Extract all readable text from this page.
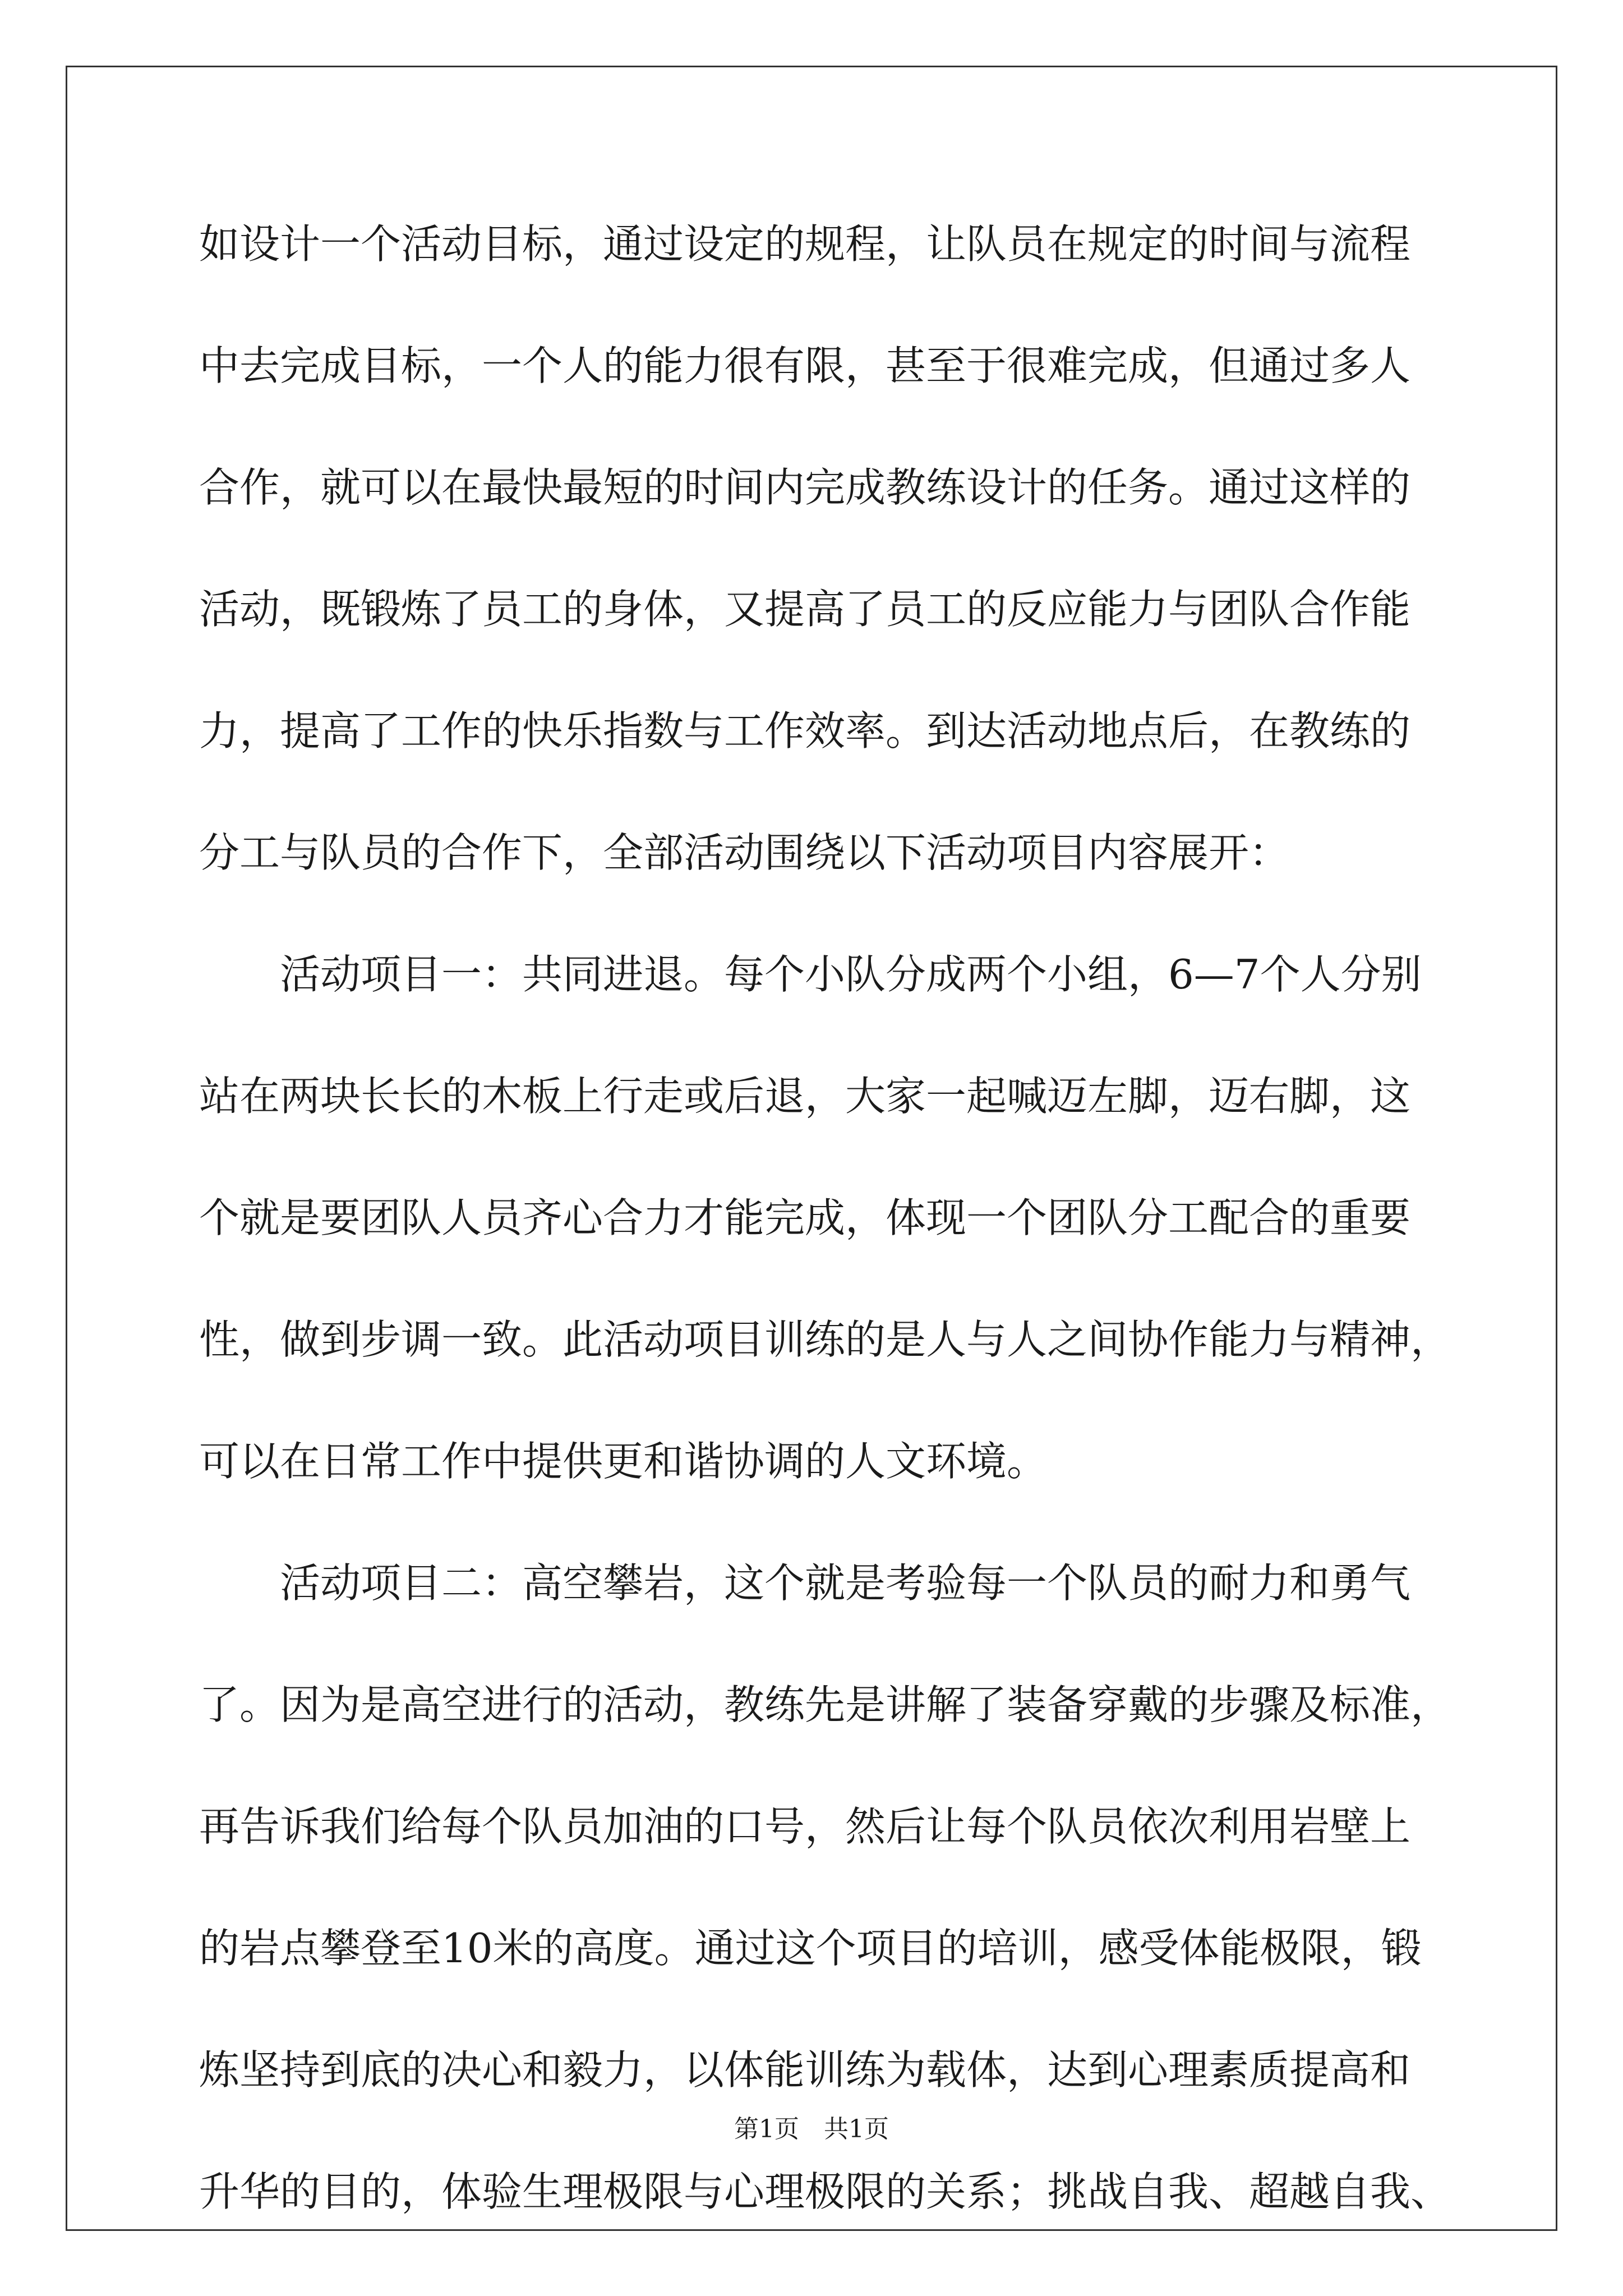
如设计一个活动目标，通过设定的规程，让队员在规定的时间与流程
中去完成目标，一个人的能力很有限，甚至于很难完成，但通过多人
合作，就可以在最快最短的时间内完成教练设计的任务。通过这样的
活动，既锻炼了员工的身体，又提高了员工的反应能力与团队合作能
力，提高了工作的快乐指数与工作效率。到达活动地点后，在教练的
分工与队员的合作下，全部活动围绕以下活动项目内容展开：
　　活动项目一：共同进退。每个小队分成两个小组，6—7个人分别
站在两块长长的木板上行走或后退，大家一起喊迈左脚，迈右脚，这
个就是要团队人员齐心合力才能完成，体现一个团队分工配合的重要
性，做到步调一致。此活动项目训练的是人与人之间协作能力与精神，
可以在日常工作中提供更和谐协调的人文环境。
　　活动项目二：高空攀岩，这个就是考验每一个队员的耐力和勇气
了。因为是高空进行的活动，教练先是讲解了装备穿戴的步骤及标准，
再告诉我们给每个队员加油的口号，然后让每个队员依次利用岩壁上
的岩点攀登至10米的高度。通过这个项目的培训，感受体能极限，锻
炼坚持到底的决心和毅力，以体能训练为载体，达到心理素质提高和
升华的目的，体验生理极限与心理极限的关系；挑战自我、超越自我、
第1页　共1页
